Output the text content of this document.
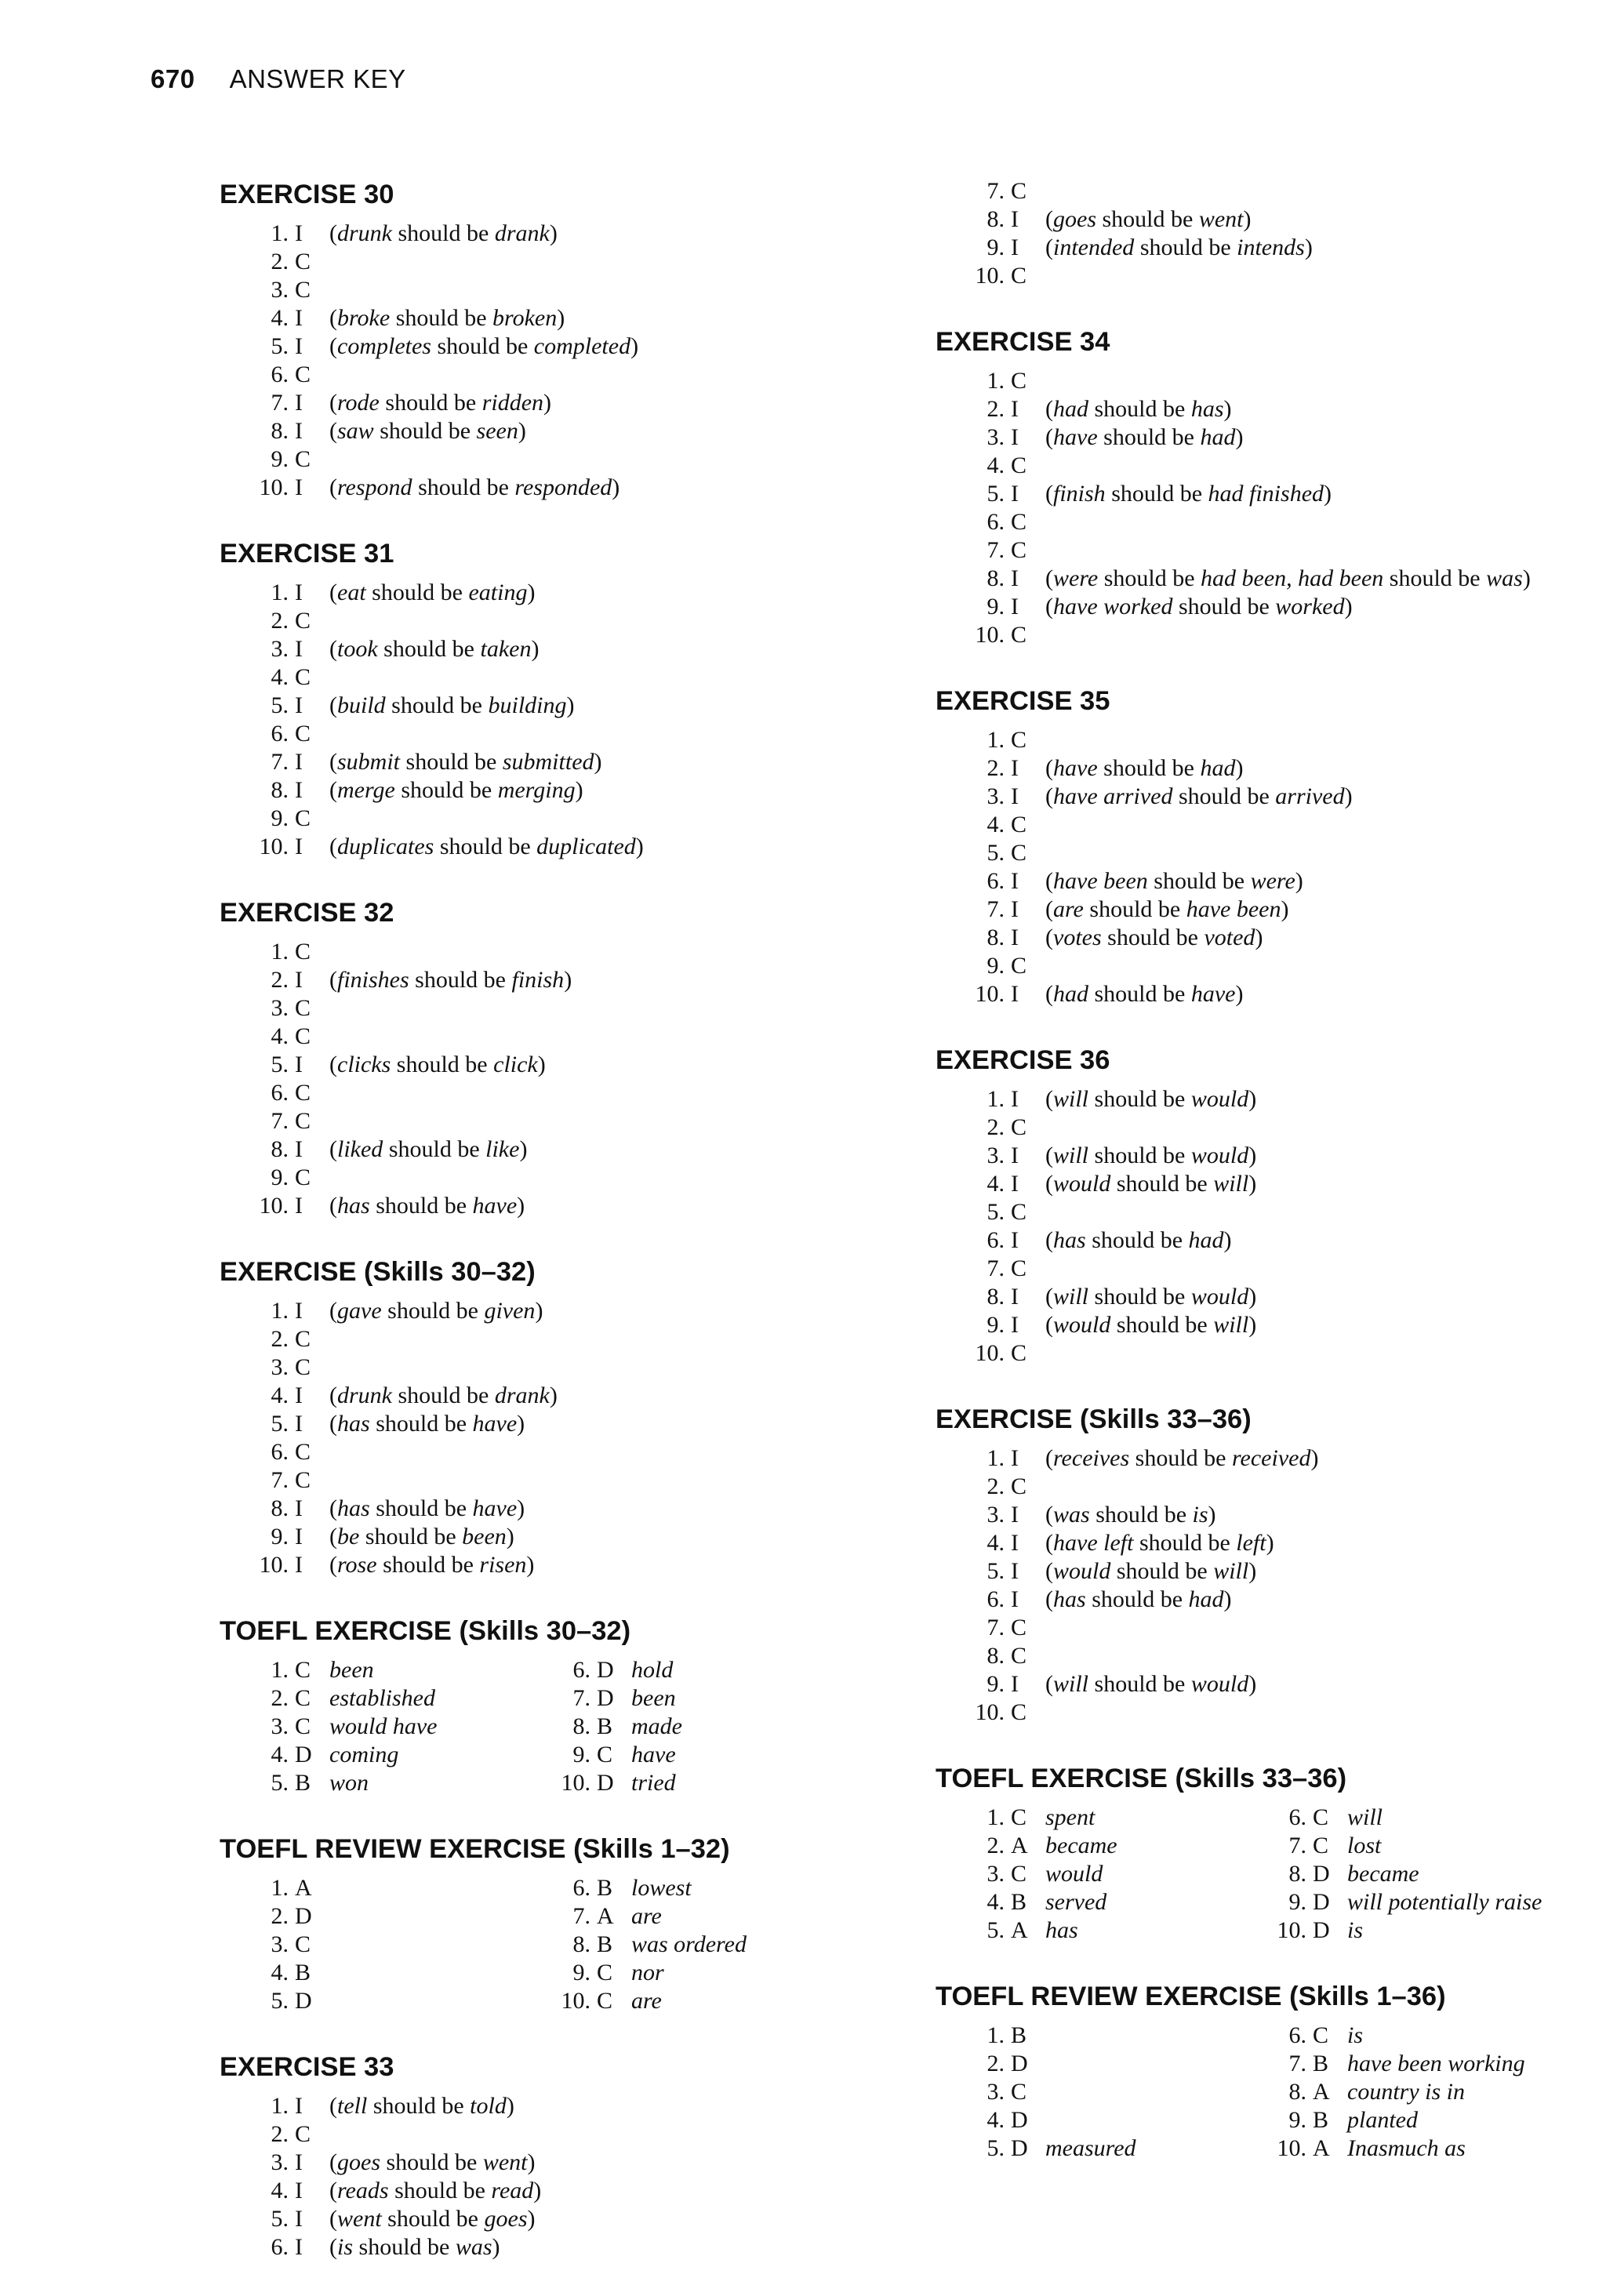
670 ANSWER KEY
EXERCISE 30
1. I	(drunk should be drank)
2. C
3. C
4. I	(broke should be broken)
5. I	(completes should be completed)
6. C
7. I	(rode should be ridden)
8. I	(saw should be seen)
9. C
10. I	(respond should be responded)
EXERCISE 31
1. I	(eat should be eating)
2. C
3. I	(took should be taken)
4. C
5. I	(build should be building)
6. C
7. I	(submit should be submitted)
8. I	(merge should be merging)
9. C
10. I	(duplicates should be duplicated)
EXERCISE 32
1. C
2. I	(finishes should be finish)
3. C
4. C
5. I	(clicks should be click)
6. C
7. C
8. I	(liked should be like)
9. C
10. I	(has should be have)
EXERCISE (Skills 30–32)
1. I	(gave should be given)
2. C
3. C
4. I	(drunk should be drank)
5. I	(has should be have)
6. C
7. C
8. I	(has should be have)
9. I	(be should be been)
10. I	(rose should be risen)
TOEFL EXERCISE (Skills 30–32)
1. C been	6. D hold
2. C established	7. D been
3. C would have	8. B made
4. D coming	9. C have
5. B won	10. D tried
TOEFL REVIEW EXERCISE (Skills 1–32)
1. A	6. B lowest
2. D	7. A are
3. C	8. B was ordered
4. B	9. C nor
5. D	10. C are
EXERCISE 33
1. I	(tell should be told)
2. C
3. I	(goes should be went)
4. I	(reads should be read)
5. I	(went should be goes)
6. I	(is should be was)
7. C
8. I	(goes should be went)
9. I	(intended should be intends)
10. C
EXERCISE 34
1. C
2. I	(had should be has)
3. I	(have should be had)
4. C
5. I	(finish should be had finished)
6. C
7. C
8. I	(were should be had been, had been should be was)
9. I	(have worked should be worked)
10. C
EXERCISE 35
1. C
2. I	(have should be had)
3. I	(have arrived should be arrived)
4. C
5. C
6. I	(have been should be were)
7. I	(are should be have been)
8. I	(votes should be voted)
9. C
10. I	(had should be have)
EXERCISE 36
1. I	(will should be would)
2. C
3. I	(will should be would)
4. I	(would should be will)
5. C
6. I	(has should be had)
7. C
8. I	(will should be would)
9. I	(would should be will)
10. C
EXERCISE (Skills 33–36)
1. I	(receives should be received)
2. C
3. I	(was should be is)
4. I	(have left should be left)
5. I	(would should be will)
6. I	(has should be had)
7. C
8. C
9. I	(will should be would)
10. C
TOEFL EXERCISE (Skills 33–36)
1. C spent	6. C will
2. A became	7. C lost
3. C would	8. D became
4. B served	9. D will potentially raise
5. A has	10. D is
TOEFL REVIEW EXERCISE (Skills 1–36)
1. B	6. C is
2. D	7. B have been working
3. C	8. A country is in
4. D	9. B planted
5. D measured	10. A Inasmuch as
